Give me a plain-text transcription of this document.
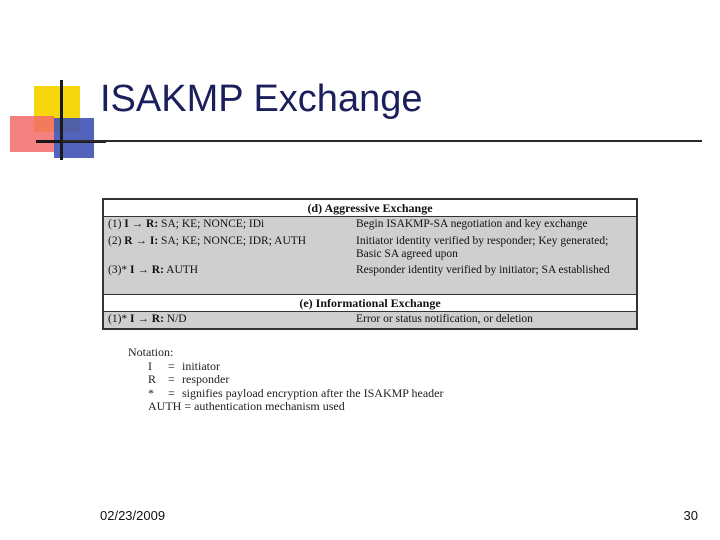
ISAKMP Exchange
(d) Aggressive Exchange
(1) I → R: SA; KE; NONCE; IDi	Begin ISAKMP-SA negotiation and key exchange
(2) R → I: SA; KE; NONCE; IDR; AUTH	Initiator identity verified by responder; Key generated; Basic SA agreed upon
(3)* I → R: AUTH	Responder identity verified by initiator; SA established
(e) Informational Exchange
(1)* I → R: N/D	Error or status notification, or deletion
Notation:
I = initiator
R = responder
* = signifies payload encryption after the ISAKMP header
AUTH = authentication mechanism used
02/23/2009	30
